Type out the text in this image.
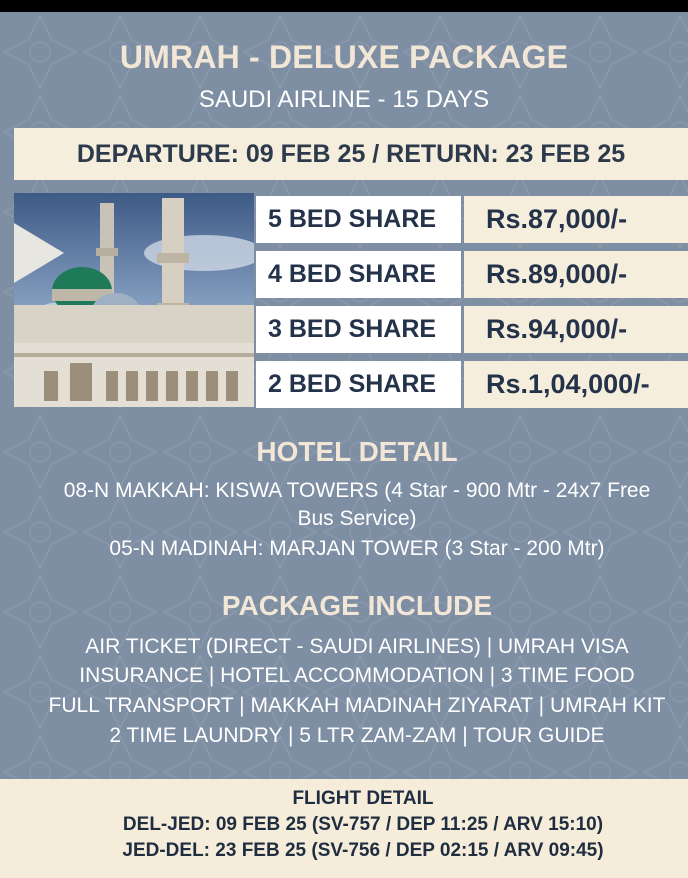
UMRAH - DELUXE PACKAGE
SAUDI AIRLINE - 15 DAYS
DEPARTURE: 09 FEB 25 / RETURN: 23 FEB 25
5 BED SHARE	Rs.87,000/-
4 BED SHARE	Rs.89,000/-
3 BED SHARE	Rs.94,000/-
2 BED SHARE	Rs.1,04,000/-
HOTEL DETAIL
08-N MAKKAH: KISWA TOWERS (4 Star - 900 Mtr - 24x7 Free
Bus Service)
05-N MADINAH: MARJAN TOWER (3 Star - 200 Mtr)
PACKAGE INCLUDE
AIR TICKET (DIRECT - SAUDI AIRLINES) | UMRAH VISA
INSURANCE | HOTEL ACCOMMODATION | 3 TIME FOOD
FULL TRANSPORT | MAKKAH MADINAH ZIYARAT | UMRAH KIT
2 TIME LAUNDRY | 5 LTR ZAM-ZAM | TOUR GUIDE
FLIGHT DETAIL
DEL-JED: 09 FEB 25 (SV-757 / DEP 11:25 / ARV 15:10)
JED-DEL: 23 FEB 25 (SV-756 / DEP 02:15 / ARV 09:45)
